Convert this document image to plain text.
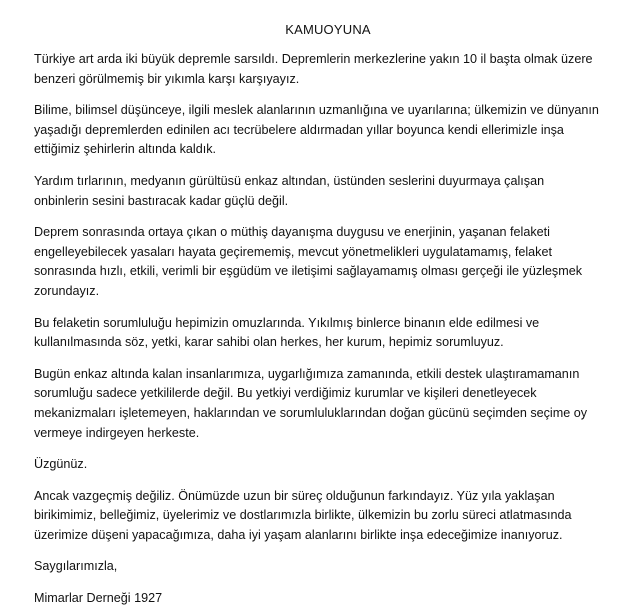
KAMUOYUNA
Türkiye art arda iki büyük depremle sarsıldı. Depremlerin merkezlerine yakın 10 il başta olmak üzere
benzeri görülmemiş bir yıkımla karşı karşıyayız.
Bilime, bilimsel düşünceye, ilgili meslek alanlarının uzmanlığına ve uyarılarına; ülkemizin ve dünyanın
yaşadığı depremlerden edinilen acı tecrübelere aldırmadan yıllar boyunca kendi ellerimizle inşa
ettiğimiz şehirlerin altında kaldık.
Yardım tırlarının, medyanın gürültüsü enkaz altından, üstünden seslerini duyurmaya çalışan
onbinlerin sesini bastıracak kadar güçlü değil.
Deprem sonrasında ortaya çıkan o müthiş dayanışma duygusu ve enerjinin, yaşanan felaketi
engelleyebilecek yasaları hayata geçirememiş, mevcut yönetmelikleri uygulatamamış, felaket
sonrasında hızlı, etkili, verimli bir eşgüdüm ve iletişimi sağlayamamış olması gerçeği ile yüzleşmek
zorundayız.
Bu felaketin sorumluluğu hepimizin omuzlarında. Yıkılmış binlerce binanın elde edilmesi ve
kullanılmasında söz, yetki, karar sahibi olan herkes, her kurum, hepimiz sorumluyuz.
Bugün enkaz altında kalan insanlarımıza, uygarlığımıza zamanında, etkili destek ulaştıramamanın
sorumluğu sadece yetkililerde değil. Bu yetkiyi verdiğimiz kurumlar ve kişileri denetleyecek
mekanizmaları işletemeyen, haklarından ve sorumluluklarından doğan gücünü seçimden seçime oy
vermeye indirgeyen herkeste.
Üzgünüz.
Ancak vazgeçmiş değiliz. Önümüzde uzun bir süreç olduğunun farkındayız. Yüz yıla yaklaşan
birikimimiz, belleğimiz, üyelerimiz ve dostlarımızla birlikte, ülkemizin bu zorlu süreci atlatmasında
üzerimize düşeni yapacağımıza, daha iyi yaşam alanlarını birlikte inşa edeceğimize inanıyoruz.
Saygılarımızla,
Mimarlar Derneği 1927
